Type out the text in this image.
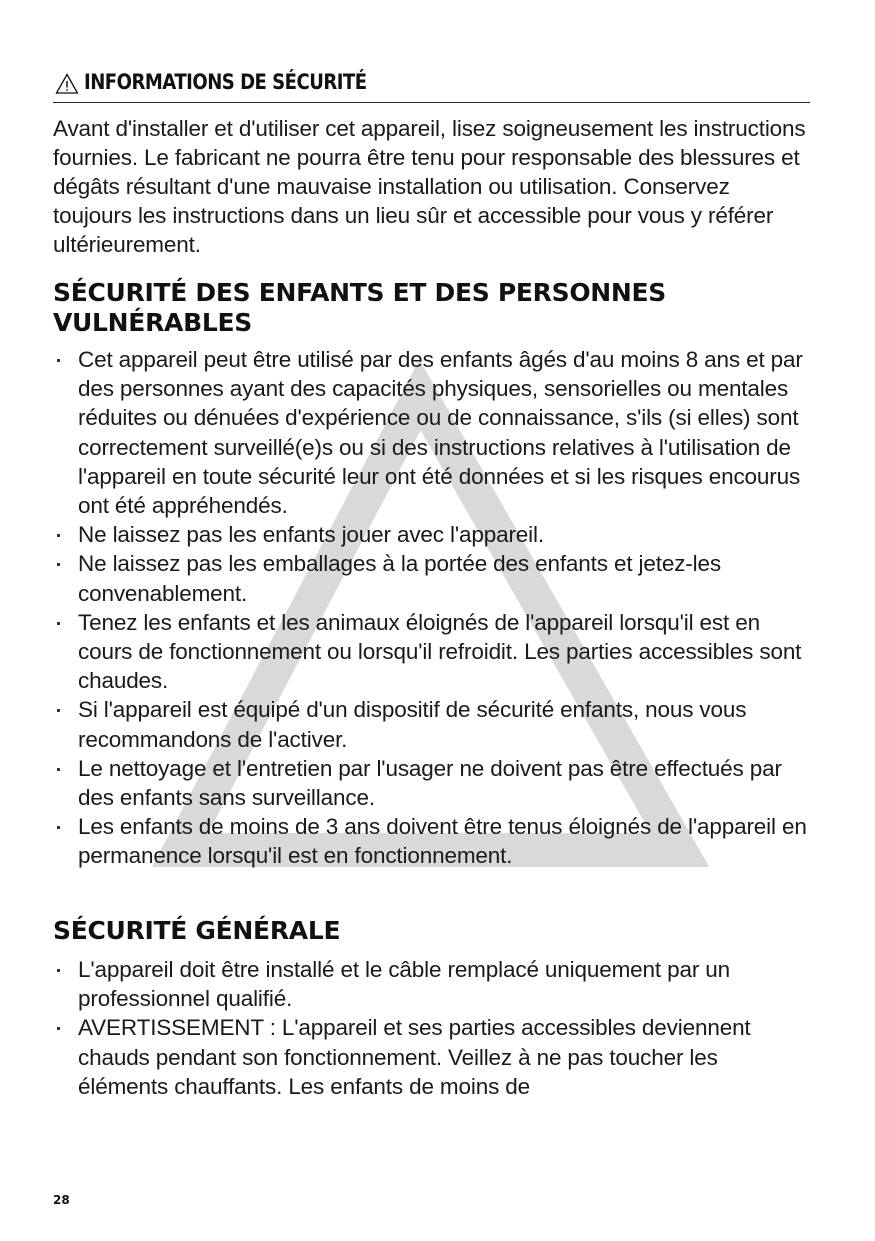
INFORMATIONS DE SÉCURITÉ

Avant d'installer et d'utiliser cet appareil, lisez soigneusement les instructions fournies. Le fabricant ne pourra être tenu pour responsable des blessures et dégâts résultant d'une mauvaise installation ou utilisation. Conservez toujours les instructions dans un lieu sûr et accessible pour vous y référer ultérieurement.

SÉCURITÉ DES ENFANTS ET DES PERSONNES VULNÉRABLES
Cet appareil peut être utilisé par des enfants âgés d'au moins 8 ans et par des personnes ayant des capacités physiques, sensorielles ou mentales réduites ou dénuées d'expérience ou de connaissance, s'ils (si elles) sont correctement surveillé(e)s ou si des instructions relatives à l'utilisation de l'appareil en toute sécurité leur ont été données et si les risques encourus ont été appréhendés.
Ne laissez pas les enfants jouer avec l'appareil.
Ne laissez pas les emballages à la portée des enfants et jetez-les convenablement.
Tenez les enfants et les animaux éloignés de l'appareil lorsqu'il est en cours de fonctionnement ou lorsqu'il refroidit. Les parties accessibles sont chaudes.
Si l'appareil est équipé d'un dispositif de sécurité enfants, nous vous recommandons de l'activer.
Le nettoyage et l'entretien par l'usager ne doivent pas être effectués par des enfants sans surveillance.
Les enfants de moins de 3 ans doivent être tenus éloignés de l'appareil en permanence lorsqu'il est en fonctionnement.
SÉCURITÉ GÉNÉRALE
L'appareil doit être installé et le câble remplacé uniquement par un professionnel qualifié.
AVERTISSEMENT : L'appareil et ses parties accessibles deviennent chauds pendant son fonctionnement. Veillez à ne pas toucher les éléments chauffants. Les enfants de moins de

28
